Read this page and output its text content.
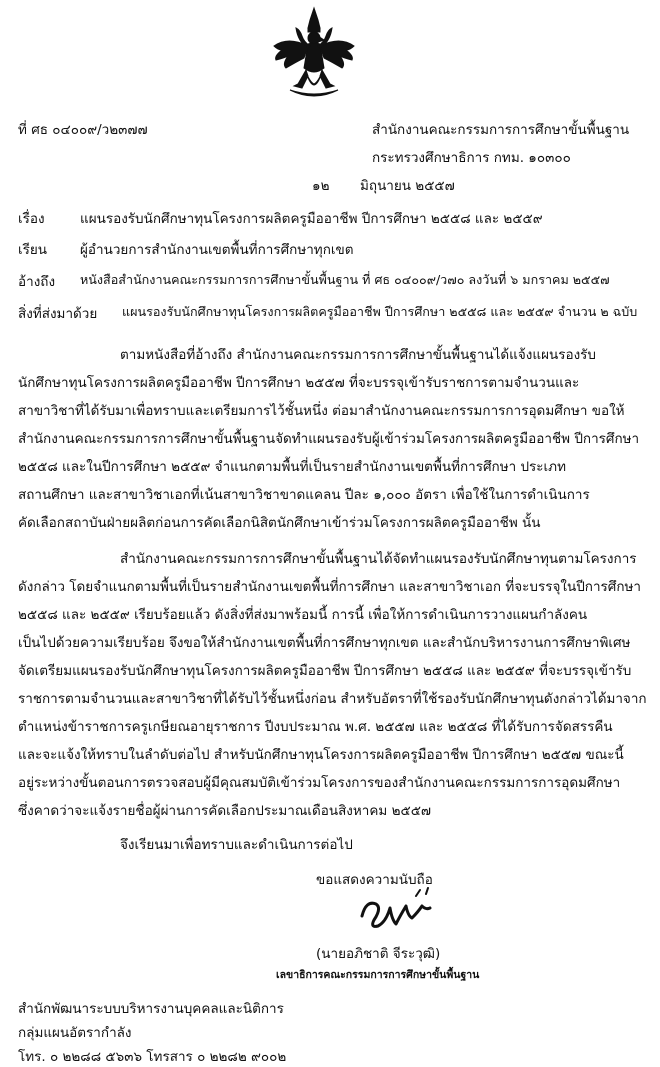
ที่ ศธ ๐๔๐๐๙/ว๒๓๗๗	สำนักงานคณะกรรมการการศึกษาขั้นพื้นฐาน
กระทรวงศึกษาธิการ กทม. ๑๐๓๐๐
๑๒ มิถุนายน ๒๕๕๗
เรื่อง	แผนรองรับนักศึกษาทุนโครงการผลิตครูมืออาชีพ ปีการศึกษา ๒๕๕๘ และ ๒๕๕๙
เรียน ผู้อำนวยการสำนักงานเขตพื้นที่การศึกษาทุกเขต
อ้างถึง หนังสือสำนักงานคณะกรรมการการศึกษาขั้นพื้นฐาน ที่ ศธ ๐๔๐๐๙/ว๗๐ ลงวันที่ ๖ มกราคม ๒๕๕๗
สิ่งที่ส่งมาด้วย แผนรองรับนักศึกษาทุนโครงการผลิตครูมืออาชีพ ปีการศึกษา ๒๕๕๘ และ ๒๕๕๙ จำนวน ๒ ฉบับ
ตามหนังสือที่อ้างถึง สำนักงานคณะกรรมการการศึกษาขั้นพื้นฐานได้แจ้งแผนรองรับ
นักศึกษาทุนโครงการผลิตครูมืออาชีพ ปีการศึกษา ๒๕๕๗ ที่จะบรรจุเข้ารับราชการตามจำนวนและ
สาขาวิชาที่ได้รับมาเพื่อทราบและเตรียมการไว้ชั้นหนึ่ง ต่อมาสำนักงานคณะกรรมการการอุดมศึกษา ขอให้
สำนักงานคณะกรรมการการศึกษาขั้นพื้นฐานจัดทำแผนรองรับผู้เข้าร่วมโครงการผลิตครูมืออาชีพ ปีการศึกษา
๒๕๕๘ และในปีการศึกษา ๒๕๕๙ จำแนกตามพื้นที่เป็นรายสำนักงานเขตพื้นที่การศึกษา ประเภท
สถานศึกษา และสาขาวิชาเอกที่เน้นสาขาวิชาขาดแคลน ปีละ ๑,๐๐๐ อัตรา เพื่อใช้ในการดำเนินการ
คัดเลือกสถาบันฝ่ายผลิตก่อนการคัดเลือกนิสิตนักศึกษาเข้าร่วมโครงการผลิตครูมืออาชีพ นั้น
สำนักงานคณะกรรมการการศึกษาขั้นพื้นฐานได้จัดทำแผนรองรับนักศึกษาทุนตามโครงการ
ดังกล่าว โดยจำแนกตามพื้นที่เป็นรายสำนักงานเขตพื้นที่การศึกษา และสาขาวิชาเอก ที่จะบรรจุในปีการศึกษา
๒๕๕๘ และ ๒๕๕๙ เรียบร้อยแล้ว ดังสิ่งที่ส่งมาพร้อมนี้ การนี้ เพื่อให้การดำเนินการวางแผนกำลังคน
เป็นไปด้วยความเรียบร้อย จึงขอให้สำนักงานเขตพื้นที่การศึกษาทุกเขต และสำนักบริหารงานการศึกษาพิเศษ
จัดเตรียมแผนรองรับนักศึกษาทุนโครงการผลิตครูมืออาชีพ ปีการศึกษา ๒๕๕๘ และ ๒๕๕๙ ที่จะบรรจุเข้ารับ
ราชการตามจำนวนและสาขาวิชาที่ได้รับไว้ชั้นหนึ่งก่อน สำหรับอัตราที่ใช้รองรับนักศึกษาทุนดังกล่าวได้มาจาก
ตำแหน่งข้าราชการครูเกษียณอายุราชการ ปีงบประมาณ พ.ศ. ๒๕๕๗ และ ๒๕๕๘ ที่ได้รับการจัดสรรคืน
และจะแจ้งให้ทราบในลำดับต่อไป สำหรับนักศึกษาทุนโครงการผลิตครูมืออาชีพ ปีการศึกษา ๒๕๕๗ ขณะนี้
อยู่ระหว่างขั้นตอนการตรวจสอบผู้มีคุณสมบัติเข้าร่วมโครงการของสำนักงานคณะกรรมการการอุดมศึกษา
ซึ่งคาดว่าจะแจ้งรายชื่อผู้ผ่านการคัดเลือกประมาณเดือนสิงหาคม ๒๕๕๗
จึงเรียนมาเพื่อทราบและดำเนินการต่อไป
ขอแสดงความนับถือ
(นายอภิชาติ จีระวุฒิ)
เลขาธิการคณะกรรมการการศึกษาขั้นพื้นฐาน
สำนักพัฒนาระบบบริหารงานบุคคลและนิติการ
กลุ่มแผนอัตรากำลัง
โทร. ๐ ๒๒๘๘ ๕๖๓๖ โทรสาร ๐ ๒๒๘๒ ๙๐๐๒
